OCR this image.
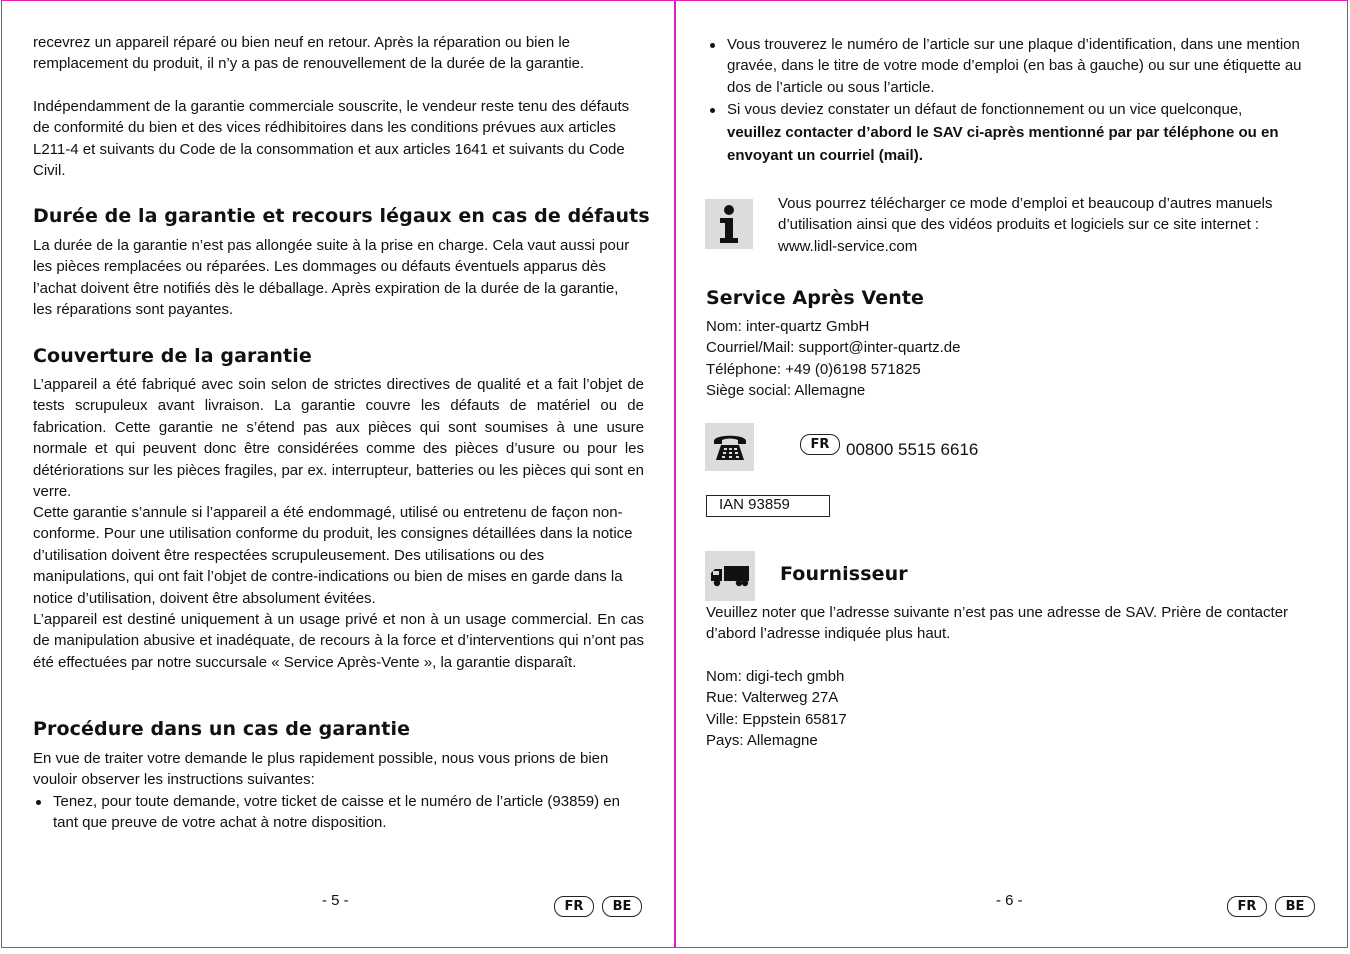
recevrez un appareil réparé ou bien neuf en retour. Après la réparation ou bien le remplacement du produit, il n’y a pas de renouvellement de la durée de la garantie.

Indépendamment de la garantie commerciale souscrite, le vendeur reste tenu des défauts de conformité du bien et des vices rédhibitoires dans les conditions prévues aux articles L211-4 et suivants du Code de la consommation et aux articles 1641 et suivants du Code Civil.

Durée de la garantie et recours légaux en cas de défauts

La durée de la garantie n’est pas allongée suite à la prise en charge. Cela vaut aussi pour les pièces remplacées ou réparées. Les dommages ou défauts éventuels apparus dès l’achat doivent être notifiés dès le déballage. Après expiration de la durée de la garantie, les réparations sont payantes.

Couverture de la garantie

L’appareil a été fabriqué avec soin selon de strictes directives de qualité et a fait l’objet de tests scrupuleux avant livraison. La garantie couvre les défauts de matériel ou de fabrication. Cette garantie ne s’étend pas aux pièces qui sont soumises à une usure normale et qui peuvent donc être considérées comme des pièces d’usure ou pour les détériorations sur les pièces fragiles, par ex. interrupteur, batteries ou les pièces qui sont en verre.

Cette garantie s’annule si l’appareil a été endommagé, utilisé ou entretenu de façon non-conforme. Pour une utilisation conforme du produit, les consignes détaillées dans la notice d’utilisation doivent être respectées scrupuleusement. Des utilisations ou des manipulations, qui ont fait l’objet de contre-indications ou bien de mises en garde dans la notice d’utilisation, doivent être absolument évitées.

L’appareil est destiné uniquement à un usage privé et non à un usage commercial. En cas de manipulation abusive et inadéquate, de recours à la force et d’interventions qui n’ont pas été effectuées par notre succursale « Service Après-Vente », la garantie disparaît.

Procédure dans un cas de garantie

En vue de traiter votre demande le plus rapidement possible, nous vous prions de bien vouloir observer les instructions suivantes:

Tenez, pour toute demande, votre ticket de caisse et le numéro de l’article (93859) en tant que preuve de votre achat à notre disposition.
- 5 -	FR	BE
Vous trouverez le numéro de l’article sur une plaque d’identification, dans une mention gravée, dans le titre de votre mode d’emploi (en bas à gauche) ou sur une étiquette au dos de l’article ou sous l’article.
Si vous deviez constater un défaut de fonctionnement ou un vice quelconque,
veuillez contacter d’abord le SAV ci-après mentionné par par téléphone ou en envoyant un courriel (mail).
Vous pourrez télécharger ce mode d’emploi et beaucoup d’autres manuels
d’utilisation ainsi que des vidéos produits et logiciels sur ce site internet :
www.lidl-service.com
Service Après Vente
Nom: inter-quartz GmbH
Courriel/Mail: support@inter-quartz.de
Téléphone: +49 (0)6198 571825
Siège social: Allemagne
FR 00800 5515 6616
IAN 93859
Fournisseur

Veuillez noter que l’adresse suivante n’est pas une adresse de SAV. Prière de contacter d’abord l’adresse indiquée plus haut.

Nom: digi-tech gmbh
Rue: Valterweg 27A
Ville: Eppstein 65817
Pays: Allemagne
- 6 -	FR	BE
